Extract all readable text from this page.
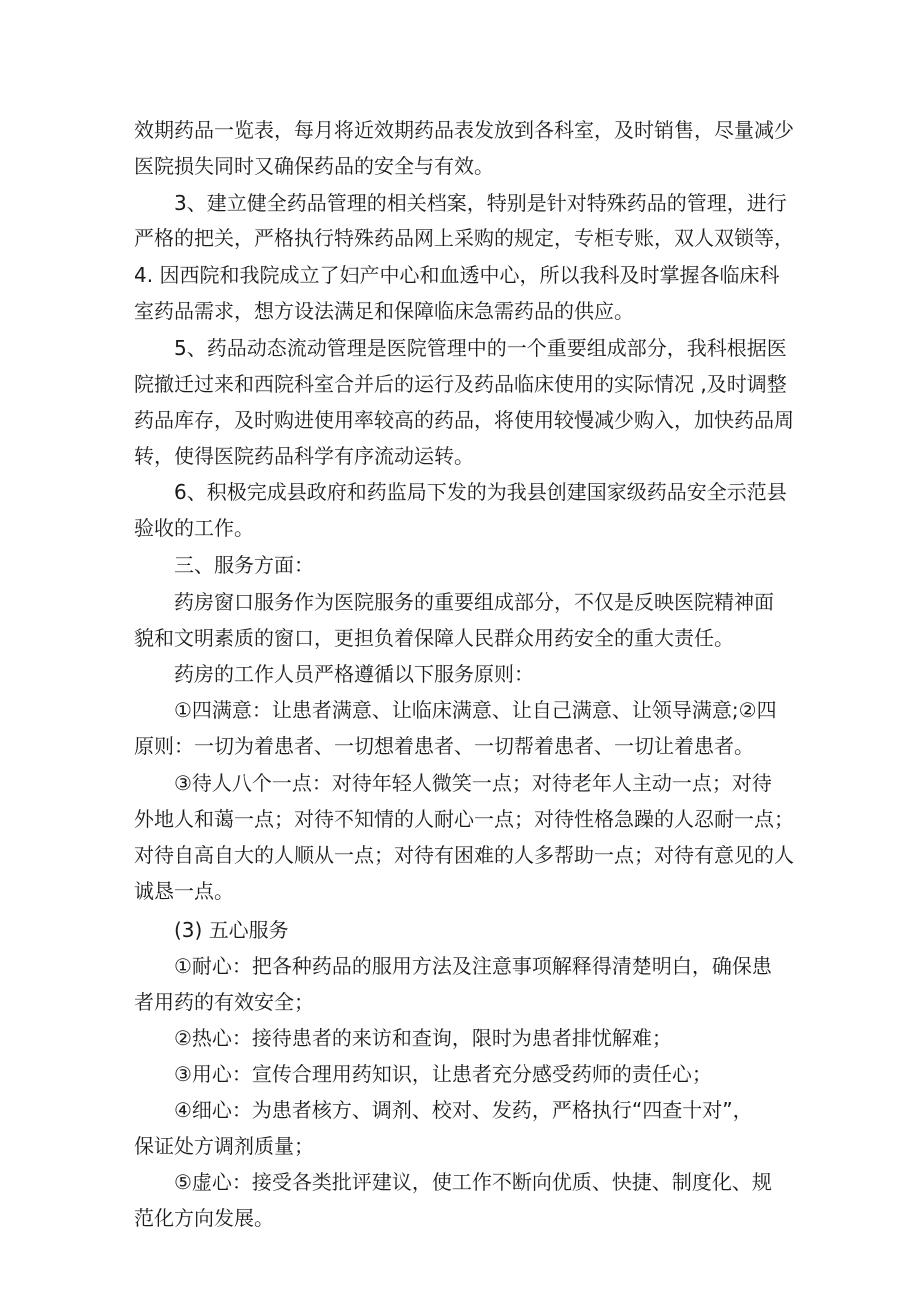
效期药品一览表，每月将近效期药品表发放到各科室，及时销售，尽量减少

医院损失同时又确保药品的安全与有效。

3、建立健全药品管理的相关档案，特别是针对特殊药品的管理，进行

严格的把关，严格执行特殊药品网上采购的规定，专柜专账，双人双锁等，

4. 因西院和我院成立了妇产中心和血透中心，所以我科及时掌握各临床科

室药品需求，想方设法满足和保障临床急需药品的供应。

5、药品动态流动管理是医院管理中的一个重要组成部分，我科根据医

院撤迁过来和西院科室合并后的运行及药品临床使用的实际情况 ,及时调整

药品库存，及时购进使用率较高的药品，将使用较慢减少购入，加快药品周

转，使得医院药品科学有序流动运转。

6、积极完成县政府和药监局下发的为我县创建国家级药品安全示范县

验收的工作。

三、服务方面：

药房窗口服务作为医院服务的重要组成部分，不仅是反映医院精神面

貌和文明素质的窗口，更担负着保障人民群众用药安全的重大责任。

药房的工作人员严格遵循以下服务原则：

①四满意：让患者满意、让临床满意、让自己满意、让领导满意;②四

原则：一切为着患者、一切想着患者、一切帮着患者、一切让着患者。

③待人八个一点：对待年轻人微笑一点；对待老年人主动一点；对待

外地人和蔼一点；对待不知情的人耐心一点；对待性格急躁的人忍耐一点；

对待自高自大的人顺从一点；对待有困难的人多帮助一点；对待有意见的人

诚恳一点。

(3) 五心服务

①耐心：把各种药品的服用方法及注意事项解释得清楚明白，确保患

者用药的有效安全；

②热心：接待患者的来访和查询，限时为患者排忧解难；

③用心：宣传合理用药知识，让患者充分感受药师的责任心；

④细心：为患者核方、调剂、校对、发药，严格执行“四查十对”，

保证处方调剂质量；

⑤虚心：接受各类批评建议，使工作不断向优质、快捷、制度化、规

范化方向发展。
